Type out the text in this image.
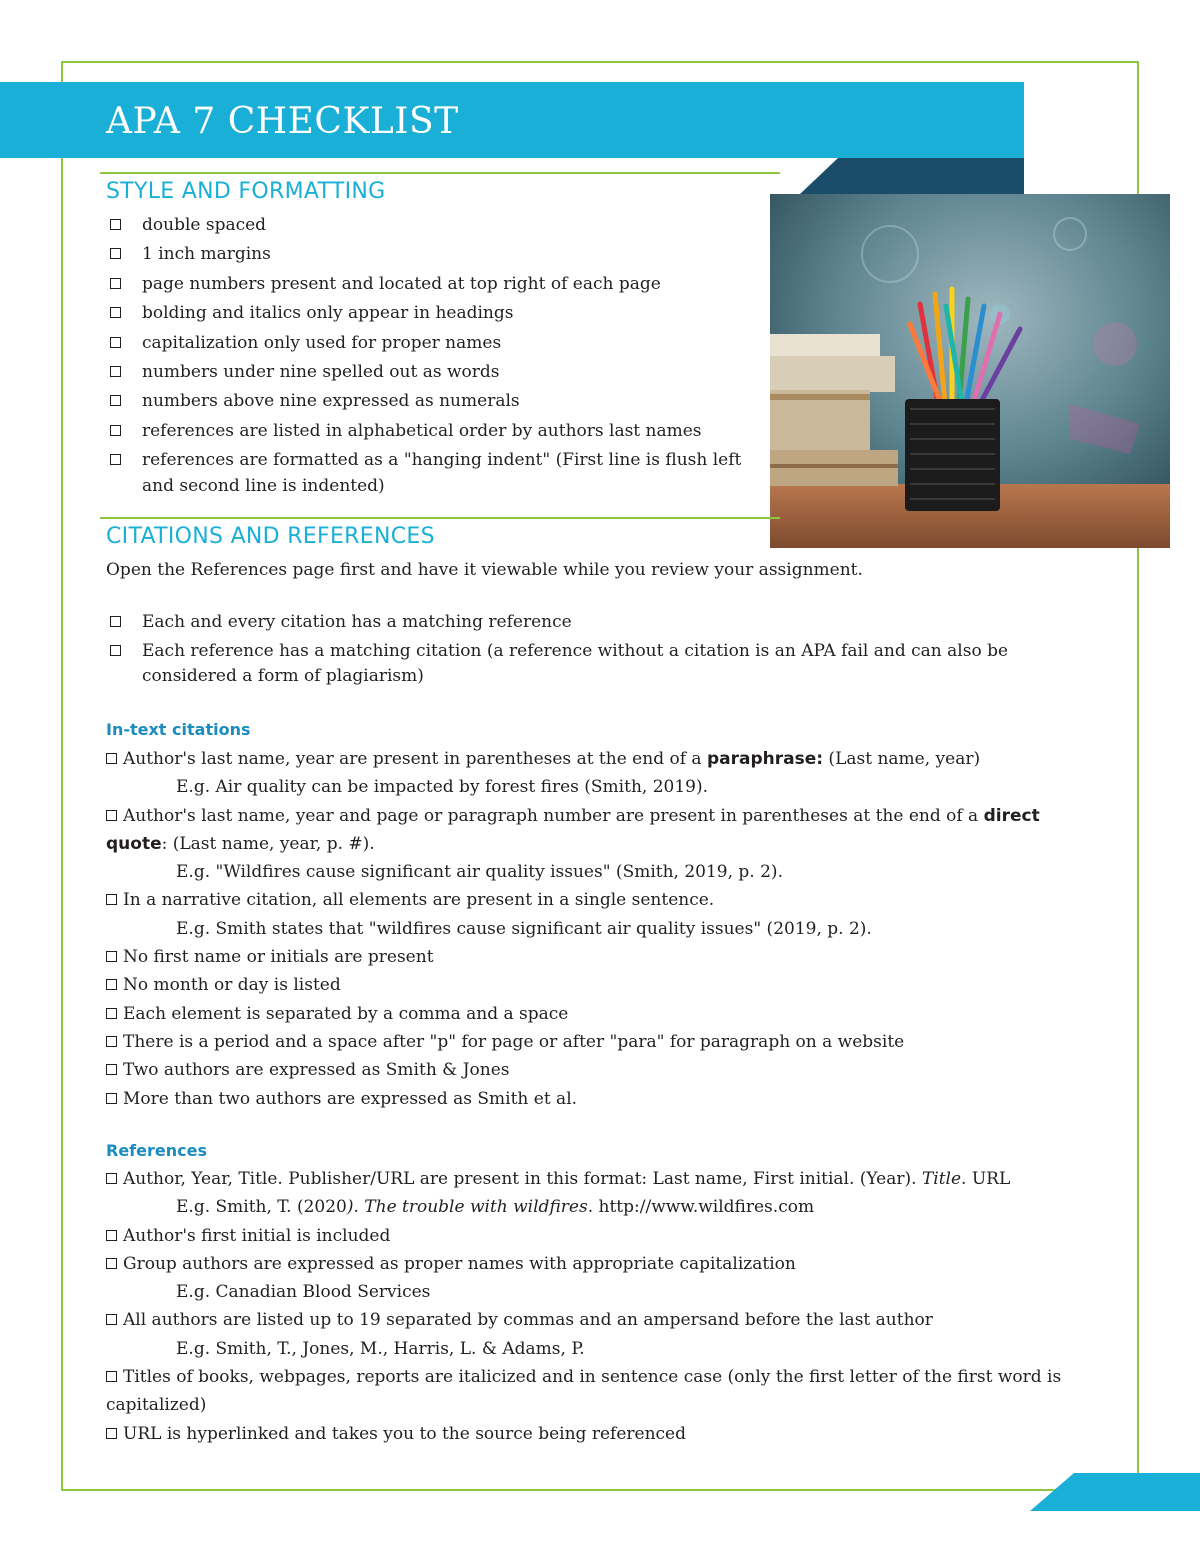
APA 7 CHECKLIST
STYLE AND FORMATTING
double spaced
1 inch margins
page numbers present and located at top right of each page
bolding and italics only appear in headings
capitalization only used for proper names
numbers under nine spelled out as words
numbers above nine expressed as numerals
references are listed in alphabetical order by authors last names
references are formatted as a "hanging indent" (First line is flush left and second line is indented)
CITATIONS AND REFERENCES

Open the References page first and have it viewable while you review your assignment.

Each and every citation has a matching reference
Each reference has a matching citation (a reference without a citation is an APA fail and can also be considered a form of plagiarism)
In-text citations
Author's last name, year are present in parentheses at the end of a paraphrase: (Last name, year)
E.g. Air quality can be impacted by forest fires (Smith, 2019).
Author's last name, year and page or paragraph number are present in parentheses at the end of a direct quote: (Last name, year, p. #).
E.g. "Wildfires cause significant air quality issues" (Smith, 2019, p. 2).
In a narrative citation, all elements are present in a single sentence.
E.g. Smith states that "wildfires cause significant air quality issues" (2019, p. 2).
No first name or initials are present
No month or day is listed
Each element is separated by a comma and a space
There is a period and a space after "p" for page or after "para" for paragraph on a website
Two authors are expressed as Smith & Jones
More than two authors are expressed as Smith et al.
References
Author, Year, Title. Publisher/URL are present in this format: Last name, First initial. (Year). Title. URL
E.g. Smith, T. (2020). The trouble with wildfires. http://www.wildfires.com
Author's first initial is included
Group authors are expressed as proper names with appropriate capitalization
E.g. Canadian Blood Services
All authors are listed up to 19 separated by commas and an ampersand before the last author
E.g. Smith, T., Jones, M., Harris, L. & Adams, P.
Titles of books, webpages, reports are italicized and in sentence case (only the first letter of the first word is capitalized)
URL is hyperlinked and takes you to the source being referenced
